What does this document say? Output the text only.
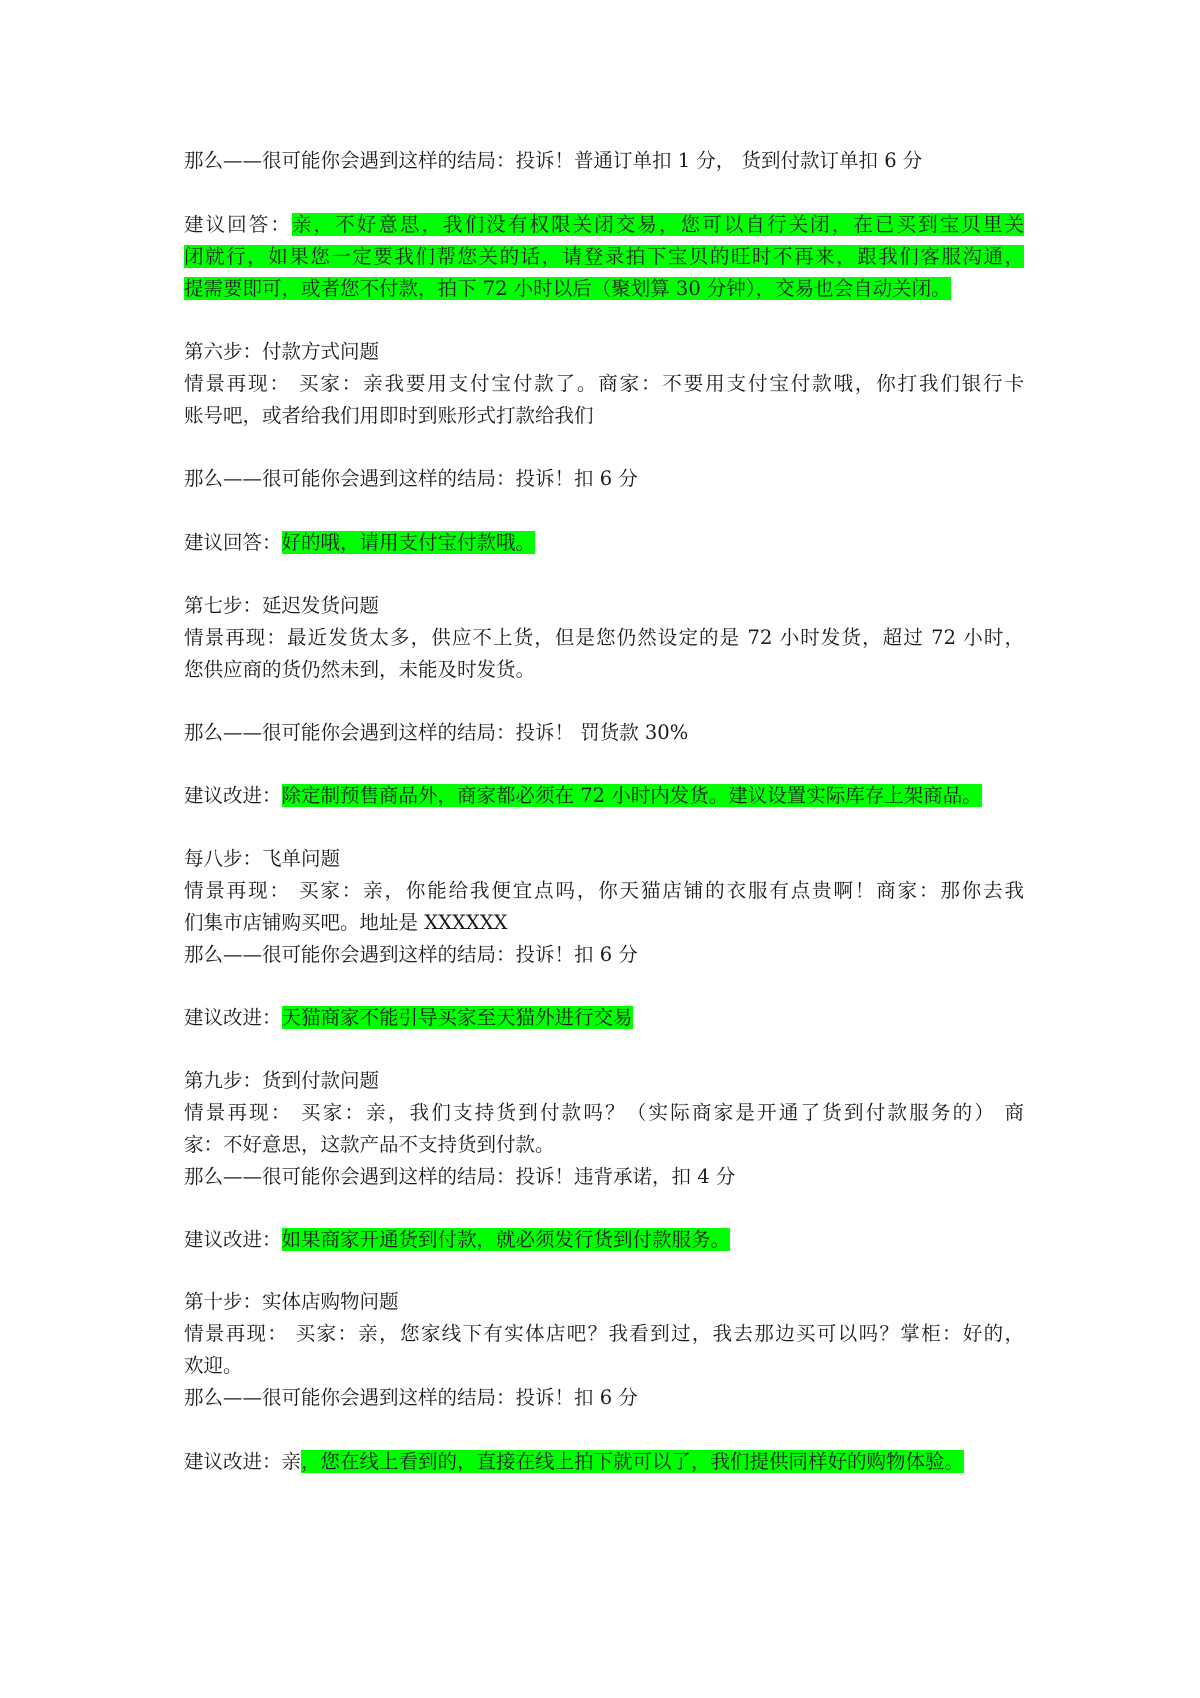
那么——很可能你会遇到这样的结局：投诉！普通订单扣 1 分， 货到付款订单扣 6 分
建议回答：亲，不好意思，我们没有权限关闭交易，您可以自行关闭，在已买到宝贝里关
闭就行，如果您一定要我们帮您关的话，请登录拍下宝贝的旺时不再来，跟我们客服沟通，
提需要即可，或者您不付款，拍下 72 小时以后（聚划算 30 分钟），交易也会自动关闭。
第六步：付款方式问题
情景再现： 买家：亲我要用支付宝付款了。商家：不要用支付宝付款哦，你打我们银行卡
账号吧，或者给我们用即时到账形式打款给我们
那么——很可能你会遇到这样的结局：投诉！扣 6 分
建议回答：好的哦，请用支付宝付款哦。
第七步：延迟发货问题
情景再现：最近发货太多，供应不上货，但是您仍然设定的是 72 小时发货，超过 72 小时，
您供应商的货仍然未到，未能及时发货。
那么——很可能你会遇到这样的结局：投诉！ 罚货款 30%
建议改进：除定制预售商品外，商家都必须在 72 小时内发货。建议设置实际库存上架商品。
每八步：飞单问题
情景再现： 买家：亲，你能给我便宜点吗，你天猫店铺的衣服有点贵啊！商家：那你去我
们集市店铺购买吧。地址是 XXXXXX
那么——很可能你会遇到这样的结局：投诉！扣 6 分
建议改进：天猫商家不能引导买家至天猫外进行交易
第九步：货到付款问题
情景再现： 买家：亲，我们支持货到付款吗？（实际商家是开通了货到付款服务的） 商
家：不好意思，这款产品不支持货到付款。
那么——很可能你会遇到这样的结局：投诉！违背承诺，扣 4 分
建议改进：如果商家开通货到付款，就必须发行货到付款服务。
第十步：实体店购物问题
情景再现： 买家：亲，您家线下有实体店吧？我看到过，我去那边买可以吗？掌柜：好的，
欢迎。
那么——很可能你会遇到这样的结局：投诉！扣 6 分
建议改进：亲，您在线上看到的，直接在线上拍下就可以了，我们提供同样好的购物体验。
